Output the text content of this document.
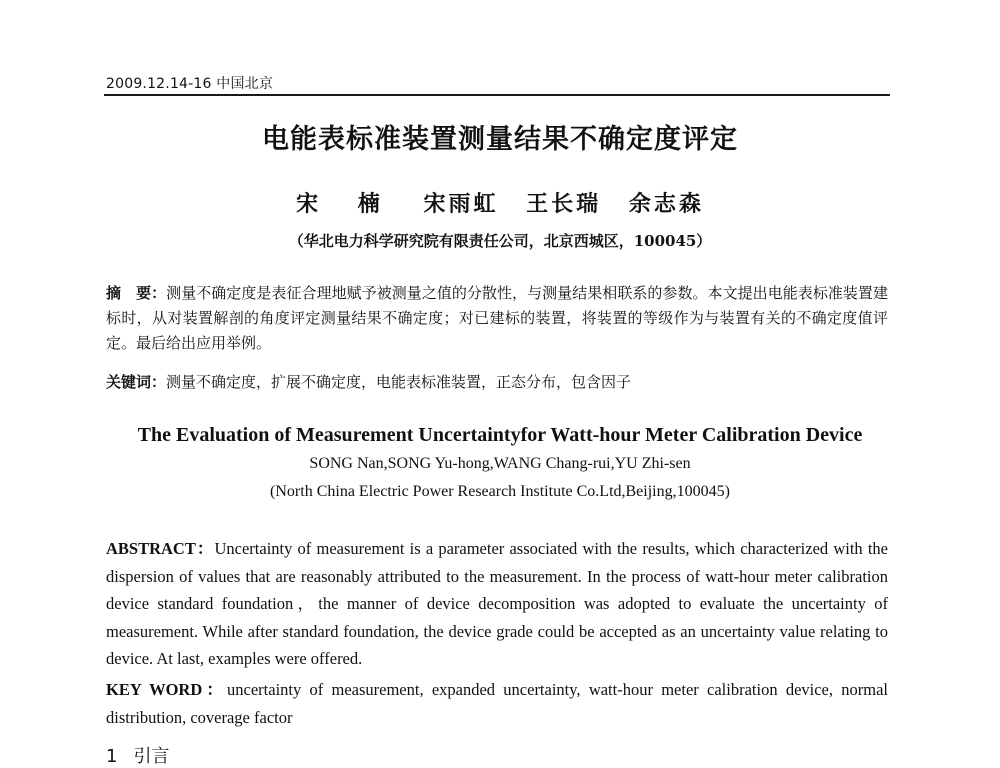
2009.12.14-16 中国北京
电能表标准装置测量结果不确定度评定
宋 楠 宋雨虹 王长瑞 余志森
（华北电力科学研究院有限责任公司，北京西城区，100045）
摘　要：测量不确定度是表征合理地赋予被测量之值的分散性，与测量结果相联系的参数。本文提出电能表标准装置建标时，从对装置解剖的角度评定测量结果不确定度；对已建标的装置，将装置的等级作为与装置有关的不确定度值评定。最后给出应用举例。
关键词：测量不确定度，扩展不确定度，电能表标准装置，正态分布，包含因子
The Evaluation of Measurement Uncertaintyfor Watt-hour Meter Calibration Device
SONG Nan,SONG Yu-hong,WANG Chang-rui,YU Zhi-sen
(North China Electric Power Research Institute Co.Ltd,Beijing,100045)
ABSTRACT：Uncertainty of measurement is a parameter associated with the results, which characterized with the dispersion of values that are reasonably attributed to the measurement. In the process of watt-hour meter calibration device standard foundation，the manner of device decomposition was adopted to evaluate the uncertainty of measurement. While after standard foundation, the device grade could be accepted as an uncertainty value relating to device. At last, examples were offered.
KEY WORD：uncertainty of measurement, expanded uncertainty, watt-hour meter calibration device, normal distribution, coverage factor
1 引言
